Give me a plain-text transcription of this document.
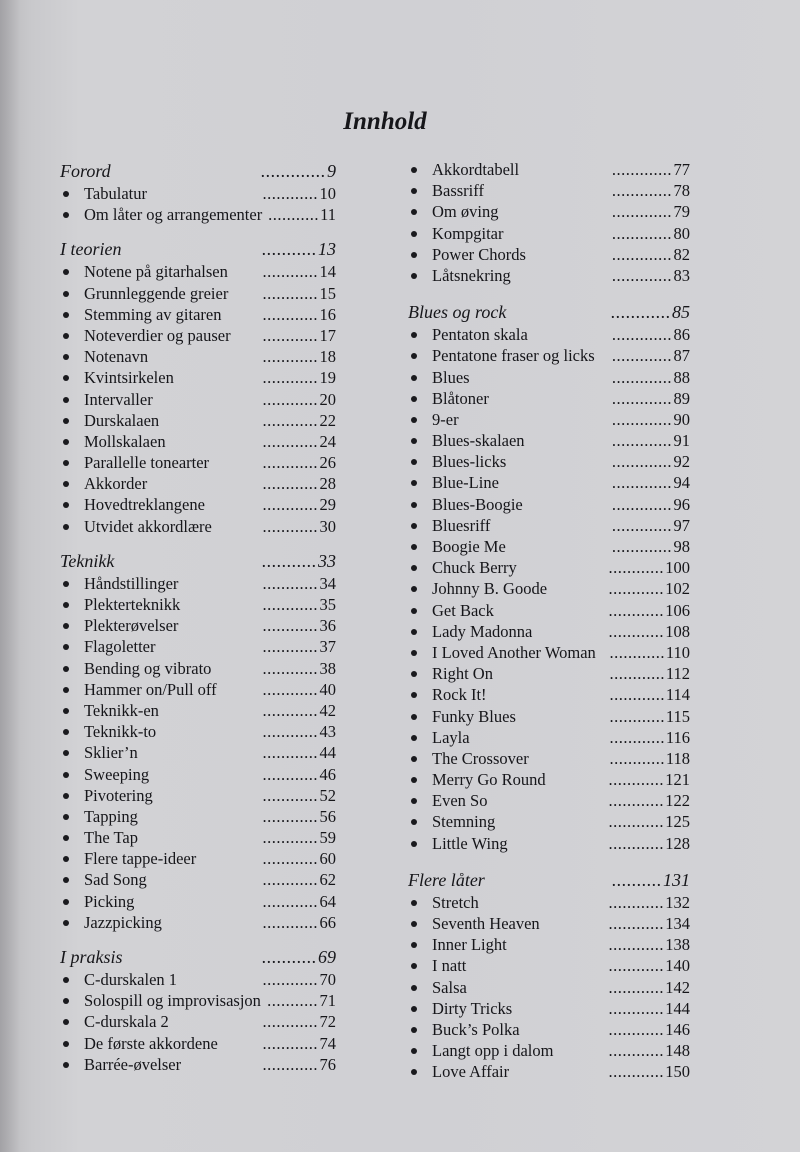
Innhold
Forord	............. 9
Tabulatur	............ 10
Om låter og arrangementer ........... 11
I teorien	........... 13
Notene på gitarhalsen ............ 14
Grunnleggende greier ............ 15
Stemming av gitaren ............ 16
Noteverdier og pauser ............ 17
Notenavn	............ 18
Kvintsirkelen	............ 19
Intervaller	............ 20
Durskalaen	............ 22
Mollskalaen	............ 24
Parallelle tonearter	............ 26
Akkorder	............ 28
Hovedtreklangene	............ 29
Utvidet akkordlære	............ 30
Teknikk	........... 33
Håndstillinger	............ 34
Plekterteknikk	............ 35
Plekterøvelser	............ 36
Flagoletter	............ 37
Bending og vibrato	............ 38
Hammer on/Pull off	............ 40
Teknikk-en	............ 42
Teknikk-to	............ 43
Sklier’n	............ 44
Sweeping	............ 46
Pivotering	............ 52
Tapping	............ 56
The Tap	............ 59
Flere tappe-ideer	............ 60
Sad Song	............ 62
Picking	............ 64
Jazzpicking	............ 66
I praksis	........... 69
C-durskalen 1	............ 70
Solospill og improvisasjon ........... 71
C-durskala 2	............ 72
De første akkordene	............ 74
Barrée-øvelser	............ 76
Akkordtabell	............. 77
Bassriff	............. 78
Om øving	............. 79
Kompgitar	............. 80
Power Chords	............. 82
Låtsnekring	............. 83
Blues og rock	............ 85
Pentaton skala	............. 86
Pentatone fraser og licks ............. 87
Blues	............. 88
Blåtoner	............. 89
9-er	............. 90
Blues-skalaen	............. 91
Blues-licks	............. 92
Blue-Line	............. 94
Blues-Boogie	............. 96
Bluesriff	............. 97
Boogie Me	............. 98
Chuck Berry	............ 100
Johnny B. Goode	............ 102
Get Back	............ 106
Lady Madonna	............ 108
I Loved Another Woman ............ 110
Right On	............ 112
Rock It!	............ 114
Funky Blues	............ 115
Layla	............ 116
The Crossover	............ 118
Merry Go Round	............ 121
Even So	............ 122
Stemning	............ 125
Little Wing	............ 128
Flere låter	.......... 131
Stretch	............ 132
Seventh Heaven	............ 134
Inner Light	............ 138
I natt	............ 140
Salsa	............ 142
Dirty Tricks	............ 144
Buck’s Polka	............ 146
Langt opp i dalom	............ 148
Love Affair	............ 150
